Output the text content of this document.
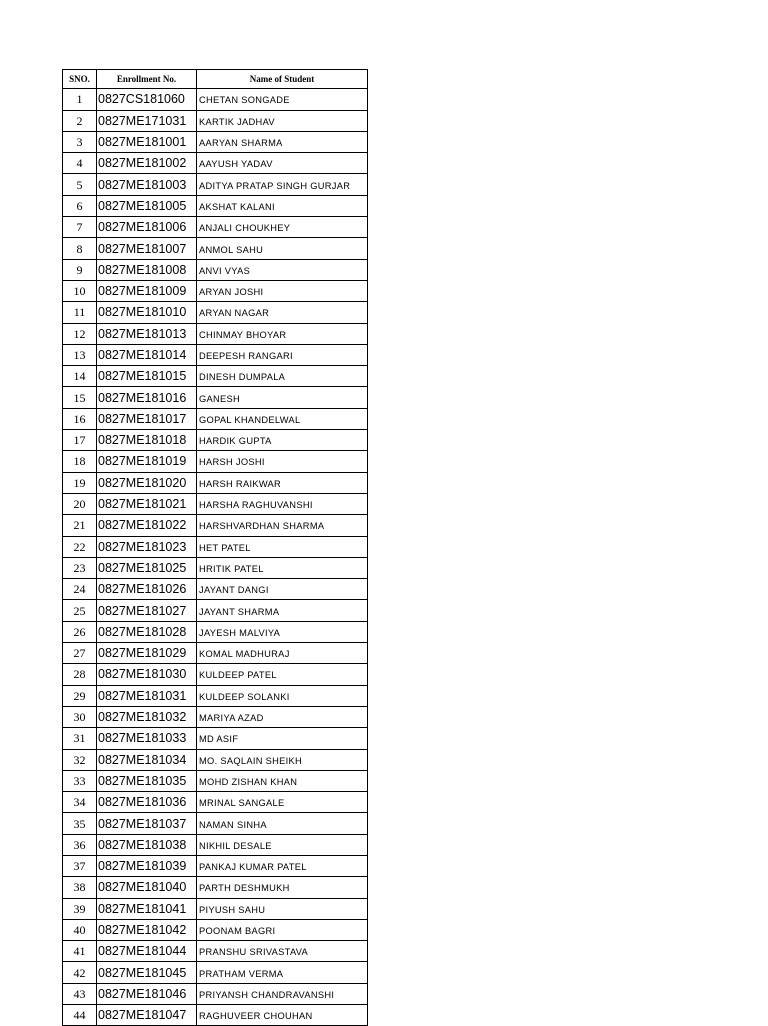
SNO.	Enrollment No.	Name of Student
1	0827CS181060	CHETAN SONGADE
2	0827ME171031	KARTIK JADHAV
3	0827ME181001	AARYAN SHARMA
4	0827ME181002	AAYUSH YADAV
5	0827ME181003	ADITYA PRATAP SINGH GURJAR
6	0827ME181005	AKSHAT KALANI
7	0827ME181006	ANJALI CHOUKHEY
8	0827ME181007	ANMOL SAHU
9	0827ME181008	ANVI VYAS
10	0827ME181009	ARYAN JOSHI
11	0827ME181010	ARYAN NAGAR
12	0827ME181013	CHINMAY BHOYAR
13	0827ME181014	DEEPESH RANGARI
14	0827ME181015	DINESH DUMPALA
15	0827ME181016	GANESH
16	0827ME181017	GOPAL KHANDELWAL
17	0827ME181018	HARDIK GUPTA
18	0827ME181019	HARSH JOSHI
19	0827ME181020	HARSH RAIKWAR
20	0827ME181021	HARSHA RAGHUVANSHI
21	0827ME181022	HARSHVARDHAN SHARMA
22	0827ME181023	HET PATEL
23	0827ME181025	HRITIK PATEL
24	0827ME181026	JAYANT DANGI
25	0827ME181027	JAYANT SHARMA
26	0827ME181028	JAYESH MALVIYA
27	0827ME181029	KOMAL MADHURAJ
28	0827ME181030	KULDEEP PATEL
29	0827ME181031	KULDEEP SOLANKI
30	0827ME181032	MARIYA AZAD
31	0827ME181033	MD ASIF
32	0827ME181034	MO. SAQLAIN SHEIKH
33	0827ME181035	MOHD ZISHAN KHAN
34	0827ME181036	MRINAL SANGALE
35	0827ME181037	NAMAN SINHA
36	0827ME181038	NIKHIL DESALE
37	0827ME181039	PANKAJ KUMAR PATEL
38	0827ME181040	PARTH DESHMUKH
39	0827ME181041	PIYUSH SAHU
40	0827ME181042	POONAM BAGRI
41	0827ME181044	PRANSHU SRIVASTAVA
42	0827ME181045	PRATHAM VERMA
43	0827ME181046	PRIYANSH CHANDRAVANSHI
44	0827ME181047	RAGHUVEER CHOUHAN
